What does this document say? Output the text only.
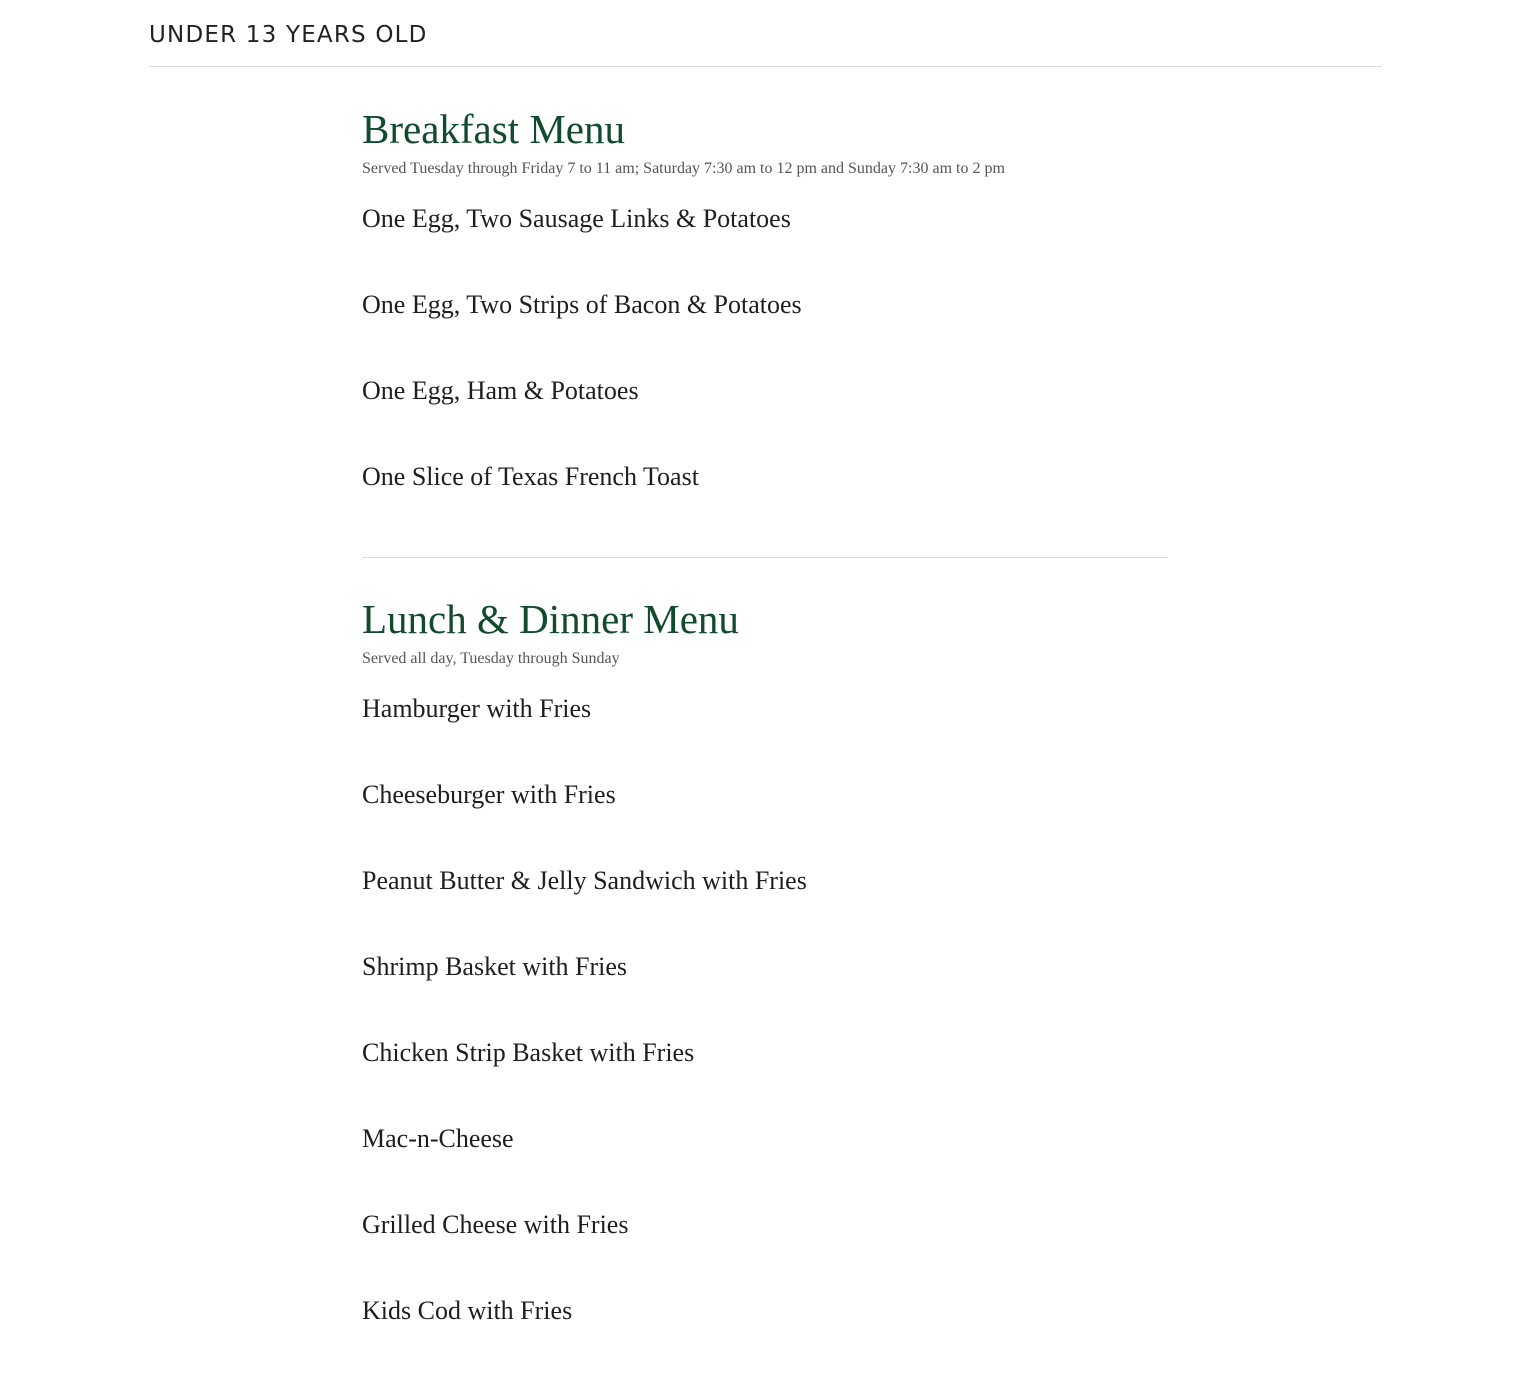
UNDER 13 YEARS OLD
Breakfast Menu

Served Tuesday through Friday 7 to 11 am; Saturday 7:30 am to 12 pm and Sunday 7:30 am to 2 pm

One Egg, Two Sausage Links & Potatoes
One Egg, Two Strips of Bacon & Potatoes
One Egg, Ham & Potatoes
One Slice of Texas French Toast
Lunch & Dinner Menu

Served all day, Tuesday through Sunday

Hamburger with Fries
Cheeseburger with Fries
Peanut Butter & Jelly Sandwich with Fries
Shrimp Basket with Fries
Chicken Strip Basket with Fries
Mac-n-Cheese
Grilled Cheese with Fries
Kids Cod with Fries
